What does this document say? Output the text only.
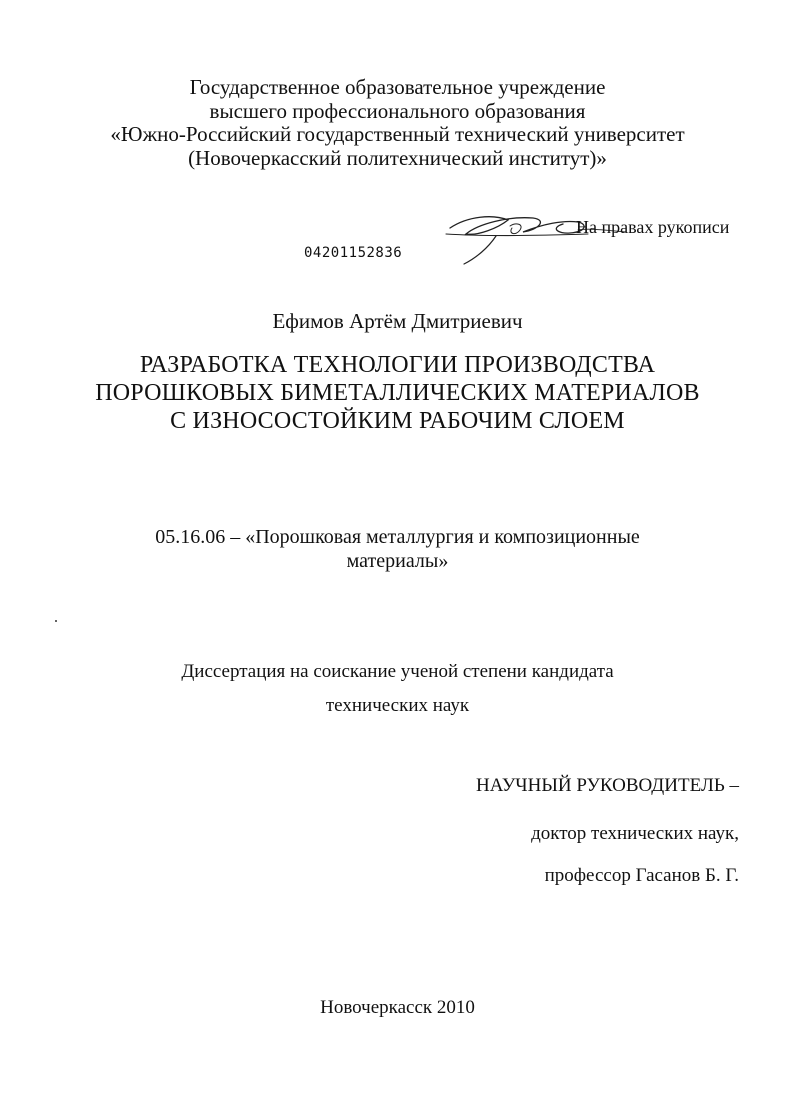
Государственное образовательное учреждение
высшего профессионального образования
«Южно-Российский государственный технический университет
(Новочеркасский политехнический институт)»
На правах рукописи
04201152836
Ефимов Артём Дмитриевич
РАЗРАБОТКА ТЕХНОЛОГИИ ПРОИЗВОДСТВА
ПОРОШКОВЫХ БИМЕТАЛЛИЧЕСКИХ МАТЕРИАЛОВ
С ИЗНОСОСТОЙКИМ РАБОЧИМ СЛОЕМ
05.16.06 – «Порошковая металлургия и композиционные
материалы»
Диссертация на соискание ученой степени кандидата
технических наук
НАУЧНЫЙ РУКОВОДИТЕЛЬ –
доктор технических наук,
профессор Гасанов Б. Г.
Новочеркасск 2010
